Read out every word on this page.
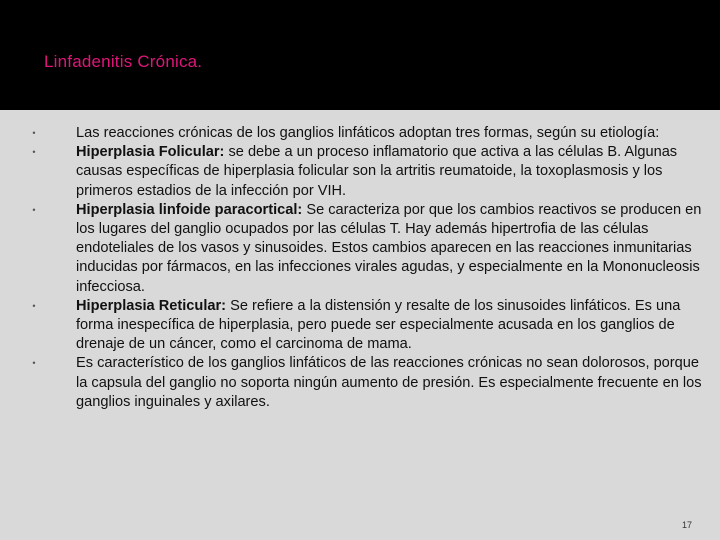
Linfadenitis Crónica.
•	Las reacciones crónicas de los ganglios linfáticos adoptan tres formas, según su etiología:
•	Hiperplasia Folicular: se debe a un proceso inflamatorio que activa a las células B. Algunas causas específicas de hiperplasia folicular son la artritis reumatoide, la toxoplasmosis y los primeros estadios de la infección por VIH.
•	Hiperplasia linfoide paracortical: Se caracteriza por que los cambios reactivos se producen en los lugares del ganglio ocupados por las células T. Hay además hipertrofia de las células endoteliales de los vasos y sinusoides. Estos cambios aparecen en las reacciones inmunitarias inducidas por fármacos, en las infecciones virales agudas, y especialmente en la Mononucleosis infecciosa.
•	Hiperplasia Reticular: Se refiere a la distensión y resalte de los sinusoides linfáticos. Es una forma inespecífica de hiperplasia, pero puede ser especialmente acusada en los ganglios de drenaje de un cáncer, como el carcinoma de mama.
•	Es característico de los ganglios linfáticos de las reacciones crónicas no sean dolorosos, porque la capsula del ganglio no soporta ningún aumento de presión. Es especialmente frecuente en los ganglios inguinales y axilares.
17
